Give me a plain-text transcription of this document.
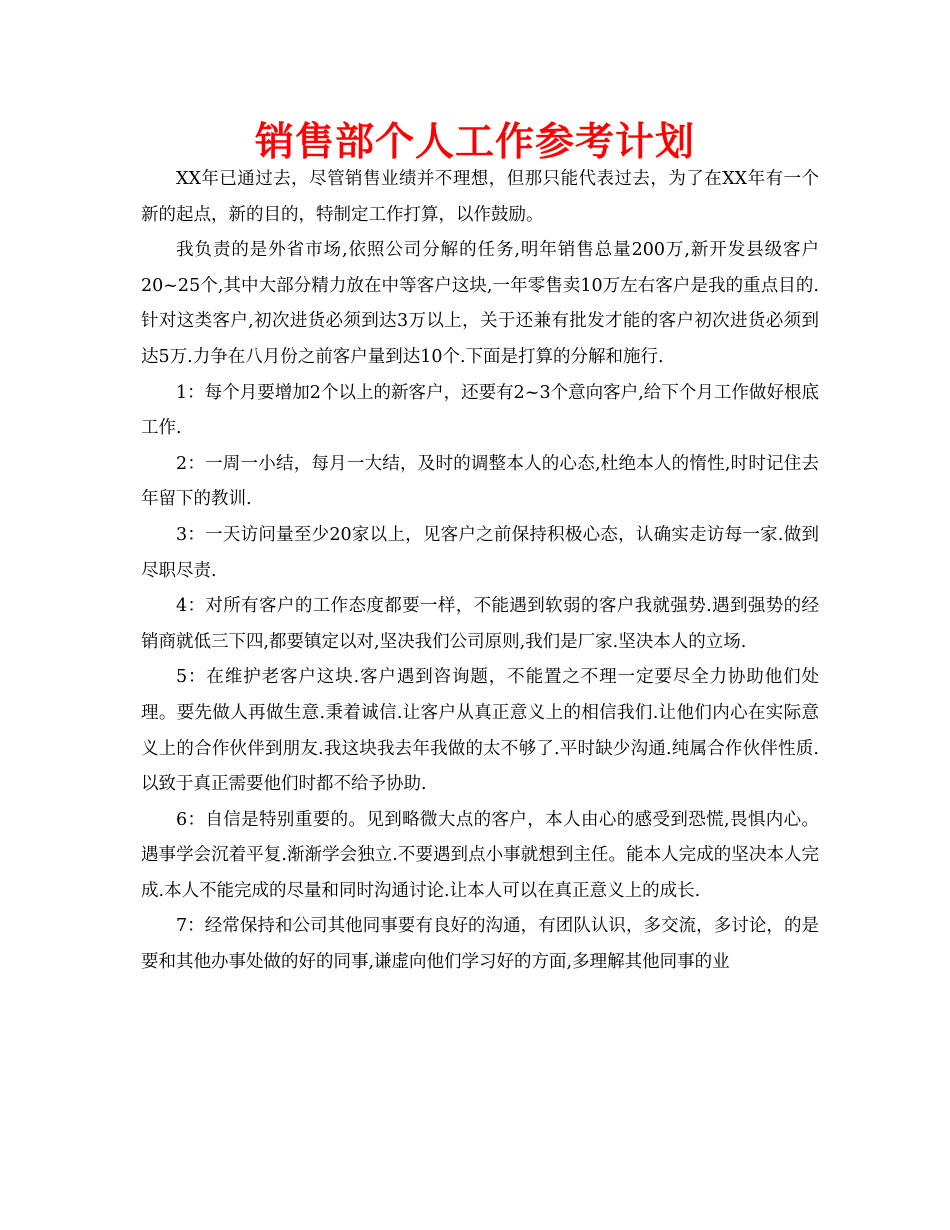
销售部个人工作参考计划

XX年已通过去，尽管销售业绩并不理想，但那只能代表过去，为了在XX年有一个新的起点，新的目的，特制定工作打算，以作鼓励。

我负责的是外省市场,依照公司分解的任务,明年销售总量200万,新开发县级客户20~25个,其中大部分精力放在中等客户这块,一年零售卖10万左右客户是我的重点目的.针对这类客户,初次进货必须到达3万以上，关于还兼有批发才能的客户初次进货必须到达5万.力争在八月份之前客户量到达10个.下面是打算的分解和施行.

1：每个月要增加2个以上的新客户，还要有2~3个意向客户,给下个月工作做好根底工作.

2：一周一小结，每月一大结，及时的调整本人的心态,杜绝本人的惰性,时时记住去年留下的教训.

3：一天访问量至少20家以上，见客户之前保持积极心态，认确实走访每一家.做到尽职尽责.

4：对所有客户的工作态度都要一样，不能遇到软弱的客户我就强势.遇到强势的经销商就低三下四,都要镇定以对,坚决我们公司原则,我们是厂家.坚决本人的立场.

5：在维护老客户这块.客户遇到咨询题，不能置之不理一定要尽全力协助他们处理。要先做人再做生意.秉着诚信.让客户从真正意义上的相信我们.让他们内心在实际意义上的合作伙伴到朋友.我这块我去年我做的太不够了.平时缺少沟通.纯属合作伙伴性质.以致于真正需要他们时都不给予协助.

6：自信是特别重要的。见到略微大点的客户，本人由心的感受到恐慌,畏惧内心。遇事学会沉着平复.渐渐学会独立.不要遇到点小事就想到主任。能本人完成的坚决本人完成.本人不能完成的尽量和同时沟通讨论.让本人可以在真正意义上的成长.

7：经常保持和公司其他同事要有良好的沟通，有团队认识，多交流，多讨论，的是要和其他办事处做的好的同事,谦虚向他们学习好的方面,多理解其他同事的业
